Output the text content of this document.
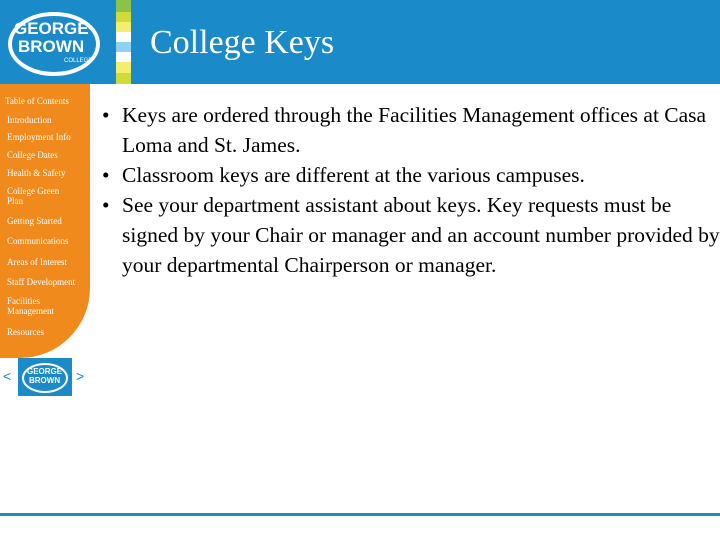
GEORGE
BROWN
COLLEGE College Keys
Table of Contents
Introduction
Employment Info
College Dates
Health & Safety
College Green Plan
Getting Started
Communications
Areas of Interest
Staff Development
Facilities Management
Resources
< GEORGE
BROWN >
• Keys are ordered through the Facilities Management offices at Casa Loma and St. James.
• Classroom keys are different at the various campuses.
• See your department assistant about keys. Key requests must be signed by your Chair or manager and an account number provided by your departmental Chairperson or manager.
